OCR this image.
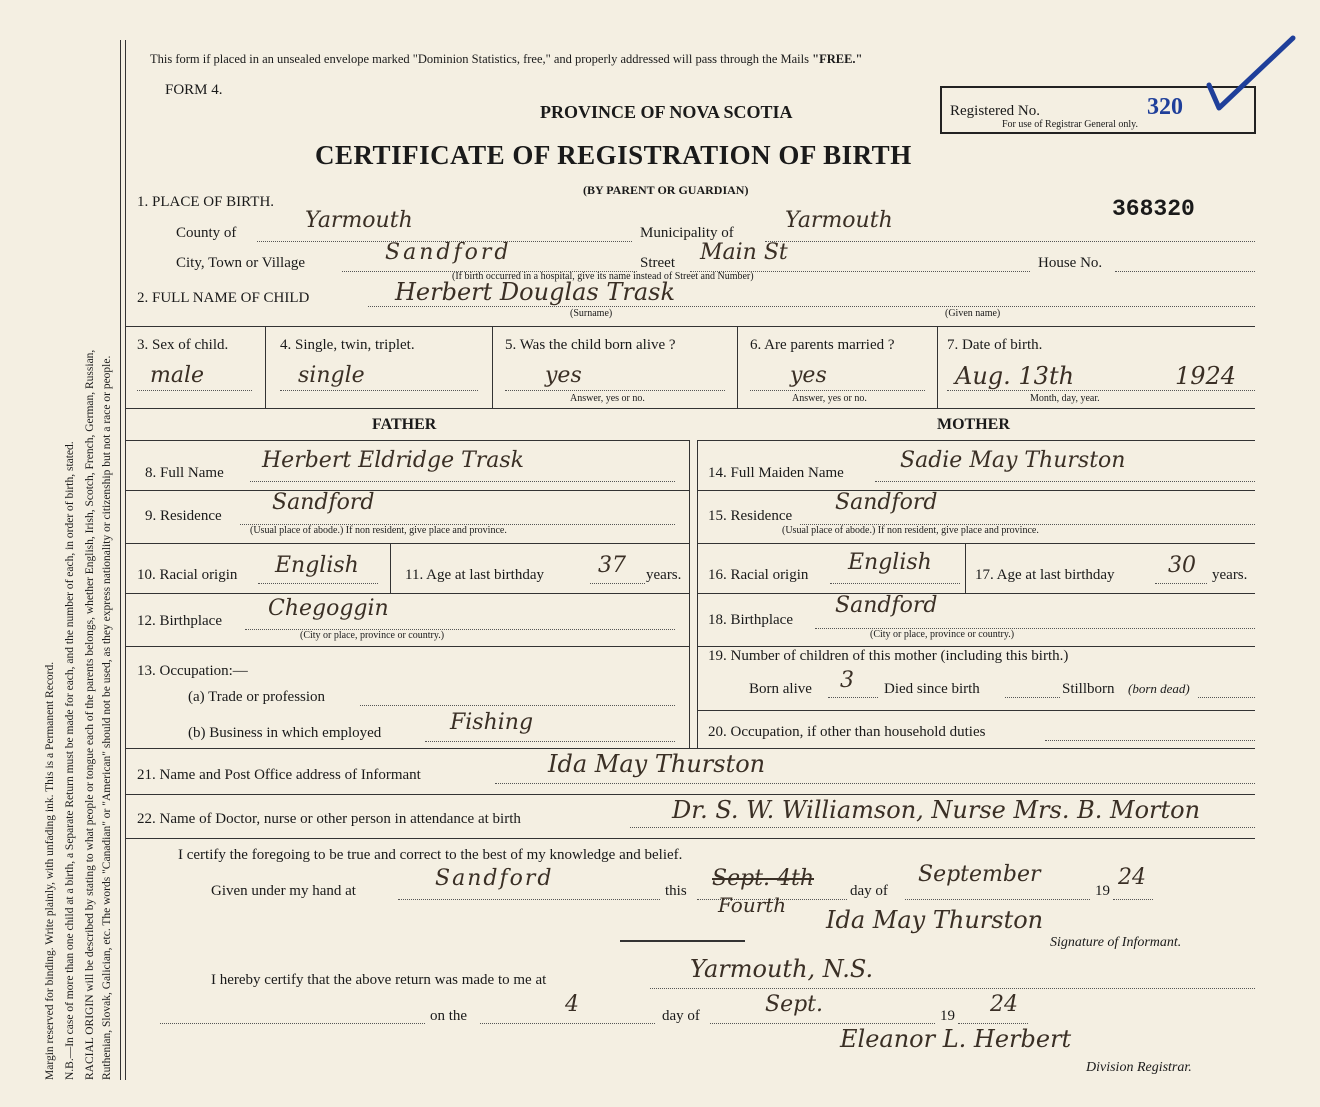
Margin reserved for binding. Write plainly, with unfading ink. This is a Permanent Record. N.B.—In case of more than one child at a birth, a Separate Return must be made for each, and the number of each, in order of birth, stated. RACIAL ORIGIN will be described by stating to what people or tongue each of the parents belongs, whether English, Irish, Scotch, French, German, Russian, Ruthenian, Slovak, Galician, etc. The words "Canadian" or "American" should not be used, as they express nationality or citizenship but not a race or people.
This form if placed in an unsealed envelope marked "Dominion Statistics, free," and properly addressed will pass through the Mails "FREE."
FORM 4.
PROVINCE OF NOVA SCOTIA	Registered No.	320
For use of Registrar General only.
CERTIFICATE OF REGISTRATION OF BIRTH
(BY PARENT OR GUARDIAN)
368320
1. PLACE OF BIRTH.
County of	Yarmouth	Municipality of Yarmouth
City, Town or Village	Sandford	Street Main St	House No.
(If birth occurred in a hospital, give its name instead of Street and Number)
2. FULL NAME OF CHILD	Herbert Douglas Trask
(Surname)	(Given name)
3. Sex of child.
male
4. Single, twin, triplet.
single
5. Was the child born alive ?
yes
Answer, yes or no.
6. Are parents married ?
yes
Answer, yes or no.
7. Date of birth.
Aug. 13th	1924
Month, day, year.
FATHER	MOTHER
8. Full Name Herbert Eldridge Trask
9. Residence
Sandford
(Usual place of abode.) If non resident, give place and province.
10. Racial origin English	11. Age at last birthday 37 years.
12. Birthplace Chegoggin
(City or place, province or country.)
13. Occupation:—
(a) Trade or profession
(b) Business in which employed	Fishing
14. Full Maiden Name	Sadie May Thurston
15. Residence
Sandford
(Usual place of abode.) If non resident, give place and province.
16. Racial origin English	17. Age at last birthday 30 years.
18. Birthplace
Sandford
(City or place, province or country.)
19. Number of children of this mother (including this birth.)
Born alive 3 Died since birth	Stillborn (born dead)
20. Occupation, if other than household duties
21. Name and Post Office address of Informant	Ida May Thurston
22. Name of Doctor, nurse or other person in attendance at birth	Dr. S. W. Williamson, Nurse Mrs. B. Morton
I certify the foregoing to be true and correct to the best of my knowledge and belief.
Given under my hand at	Sandford	this Sept. 4th
Fourth
day of
September
19
24
Ida May Thurston
Signature of Informant.
I hereby certify that the above return was made to me at	Yarmouth, N.S.
on the	4	day of	Sept.	19 24
Eleanor L. Herbert
Division Registrar.
